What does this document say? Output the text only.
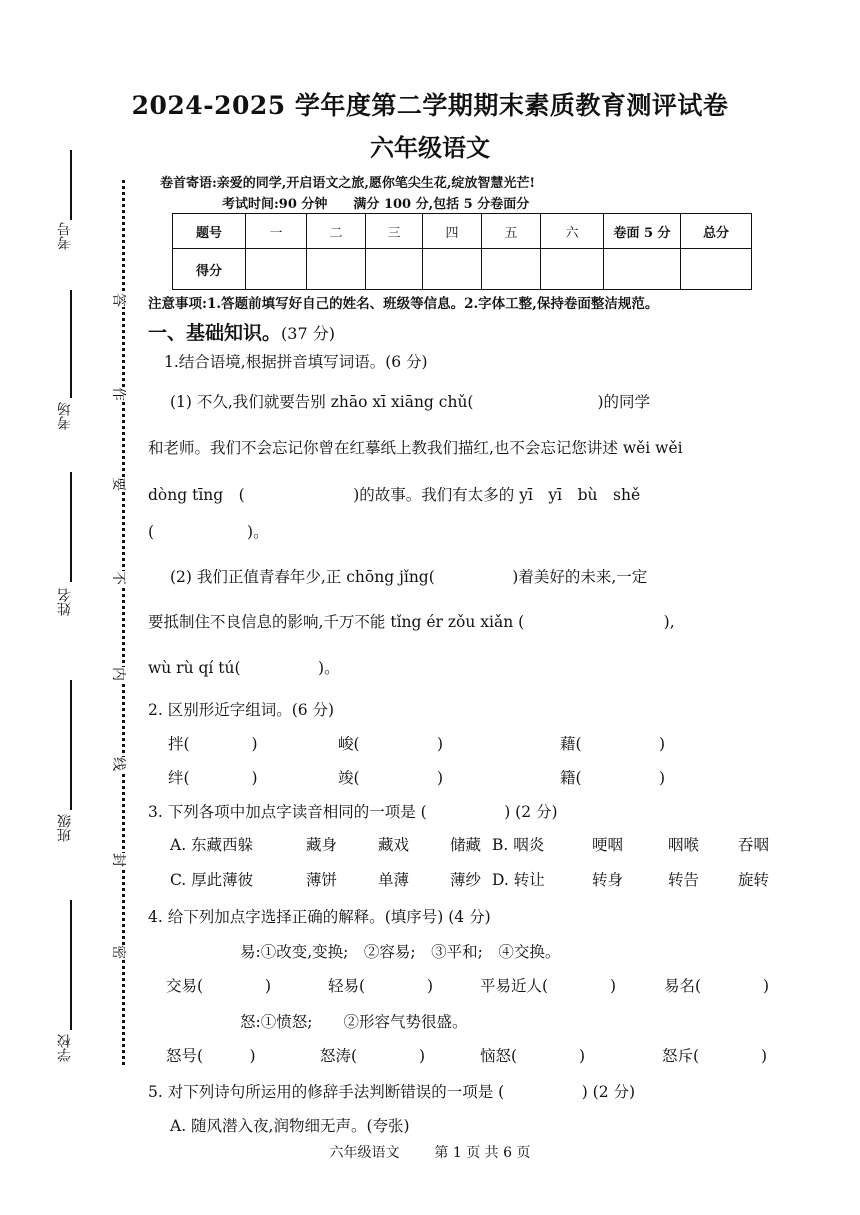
2024-2025 学年度第二学期期末素质教育测评试卷
六年级语文
卷首寄语:亲爱的同学,开启语文之旅,愿你笔尖生花,绽放智慧光芒!
考试时间:90 分钟　　满分 100 分,包括 5 分卷面分
题号	一	二	三	四	五	六	卷面 5 分	总分
得分								
注意事项:1.答题前填写好自己的姓名、班级等信息。2.字体工整,保持卷面整洁规范。
考号
考场
姓名
班级
学校
答
作
要
不
内
线
封
密
一、基础知识。(37 分)
1.结合语境,根据拼音填写词语。(6 分)
(1) 不久,我们就要告别 zhāo xī xiāng chǔ(　　　　　　　　)的同学
和老师。我们不会忘记你曾在红摹纸上教我们描红,也不会忘记您讲述 wěi wěi
dòng tīng　(　　　　　　　)的故事。我们有太多的 yī　yī　bù　shě
(　　　　　　)。
(2) 我们正值青春年少,正 chōng jǐng(　　　　　)着美好的未来,一定
要抵制住不良信息的影响,千万不能 tǐng ér zǒu xiǎn (　　　　　　　　　),
wù rù qí tú(　　　　　)。
2. 区别形近字组词。(6 分)
拌(　　　　)	峻(　　　　　)	藉(　　　　　)
绊(　　　　)	竣(　　　　　)	籍(　　　　　)
3. 下列各项中加点字读音相同的一项是 (　　　　　) (2 分)
A. 东藏西躲	藏身	藏戏	储藏 B. 咽炎	哽咽	咽喉	吞咽
C. 厚此薄彼	薄饼	单薄	薄纱 D. 转让	转身	转告	旋转
4. 给下列加点字选择正确的解释。(填序号) (4 分)
易:①改变,变换;　②容易;　③平和;　④交换。
交易(　　　　)	轻易(　　　　)	平易近人(　　　　)	易名(　　　　)
怒:①愤怒;　　②形容气势很盛。
怒号(　　　)	怒涛(　　　　)	恼怒(　　　　)	怒斥(　　　　)
5. 对下列诗句所运用的修辞手法判断错误的一项是 (　　　　　) (2 分)
A. 随风潜入夜,润物细无声。(夸张)
六年级语文 第 1 页 共 6 页
